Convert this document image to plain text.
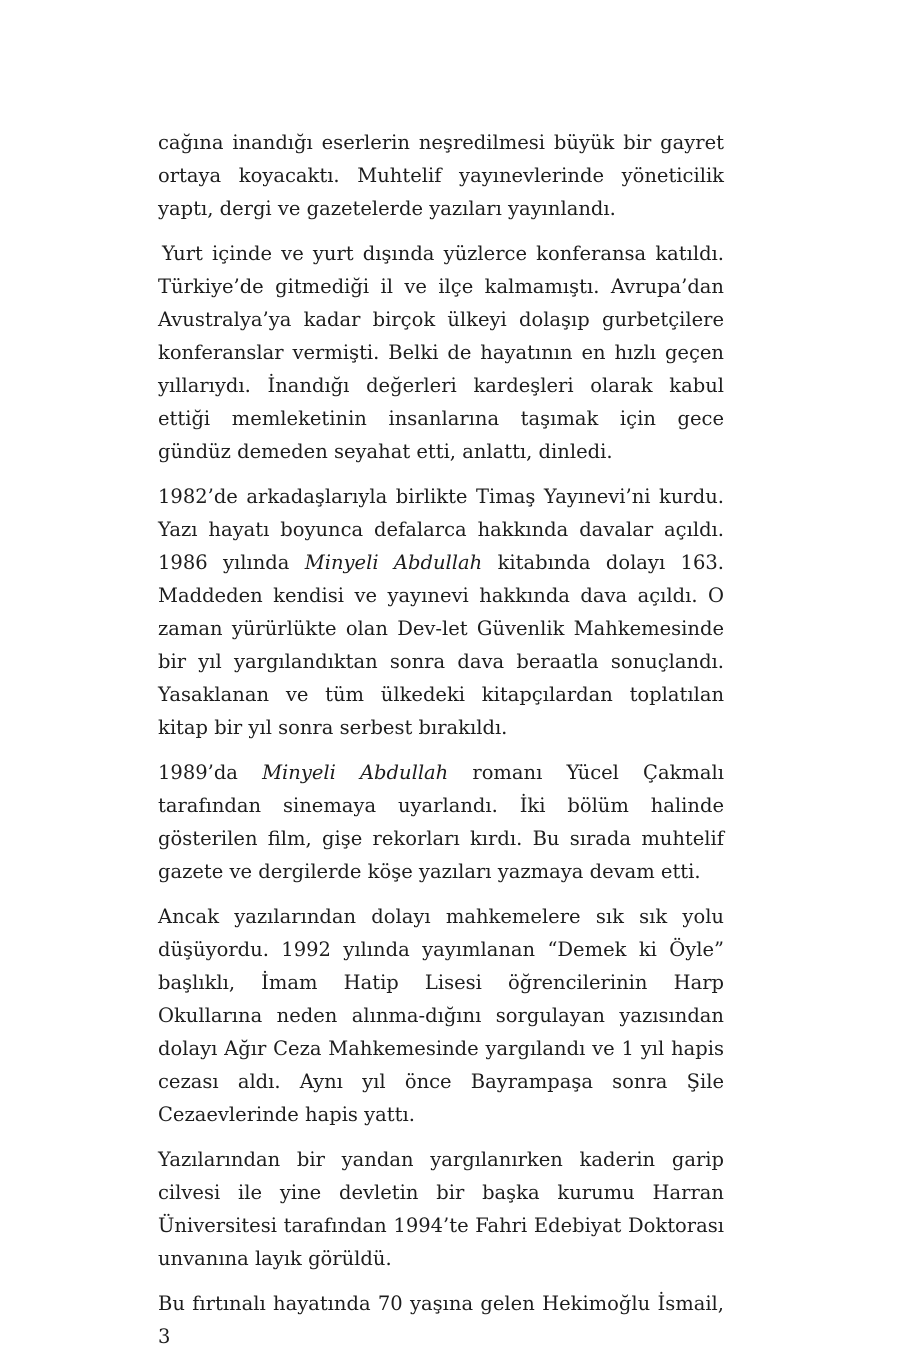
cağına inandığı eserlerin neşredilmesi büyük bir gayret ortaya koyacaktı. Muhtelif yayınevlerinde yöneticilik yaptı, dergi ve gazetelerde yazıları yayınlandı.

Yurt içinde ve yurt dışında yüzlerce konferansa katıldı. Türkiye’de gitmediği il ve ilçe kalmamıştı. Avrupa’dan Avustralya’ya kadar birçok ülkeyi dolaşıp gurbetçilere konferanslar vermişti. Belki de hayatının en hızlı geçen yıllarıydı. İnandığı değerleri kardeşleri olarak kabul ettiği memleketinin insanlarına taşımak için gece gündüz demeden seyahat etti, anlattı, dinledi.

1982’de arkadaşlarıyla birlikte Timaş Yayınevi’ni kurdu. Yazı hayatı boyunca defalarca hakkında davalar açıldı. 1986 yılında Minyeli Abdullah kitabında dolayı 163. Maddeden kendisi ve yayınevi hakkında dava açıldı. O zaman yürürlükte olan Dev-let Güvenlik Mahkemesinde bir yıl yargılandıktan sonra dava beraatla sonuçlandı. Yasaklanan ve tüm ülkedeki kitapçılardan toplatılan kitap bir yıl sonra serbest bırakıldı.

1989’da Minyeli Abdullah romanı Yücel Çakmalı tarafından sinemaya uyarlandı. İki bölüm halinde gösterilen film, gişe rekorları kırdı. Bu sırada muhtelif gazete ve dergilerde köşe yazıları yazmaya devam etti.

Ancak yazılarından dolayı mahkemelere sık sık yolu düşüyordu. 1992 yılında yayımlanan “Demek ki Öyle” başlıklı, İmam Hatip Lisesi öğrencilerinin Harp Okullarına neden alınma-dığını sorgulayan yazısından dolayı Ağır Ceza Mahkemesinde yargılandı ve 1 yıl hapis cezası aldı. Aynı yıl önce Bayrampaşa sonra Şile Cezaevlerinde hapis yattı.

Yazılarından bir yandan yargılanırken kaderin garip cilvesi ile yine devletin bir başka kurumu Harran Üniversitesi tarafından 1994’te Fahri Edebiyat Doktorası unvanına layık görüldü.

Bu fırtınalı hayatında 70 yaşına gelen Hekimoğlu İsmail, 3
